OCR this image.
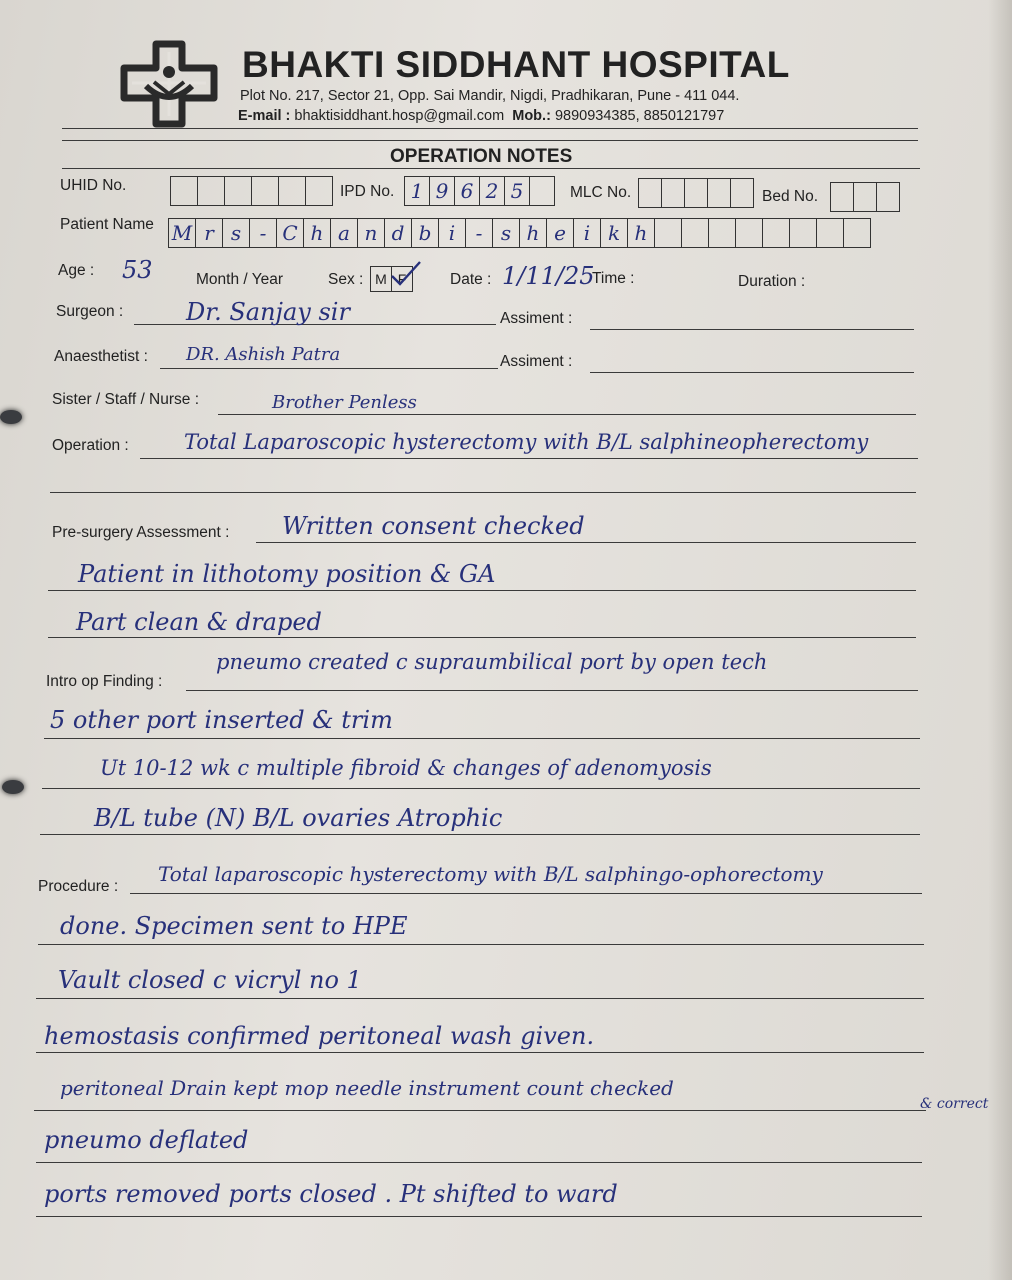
BHAKTI SIDDHANT HOSPITAL
Plot No. 217, Sector 21, Opp. Sai Mandir, Nigdi, Pradhikaran, Pune - 411 044.
E-mail : bhaktisiddhant.hosp@gmail.com Mob.: 9890934385, 8850121797
OPERATION NOTES
UHID No.	IPD No. 1 9 6 2 5	MLC No.	Bed No.
Patient Name M r s - C h a n d b i	- s h e i k h
Age : 53	Month / Year	Sex : M F	Date : 1/11/25
Time :	Duration :
Surgeon :	Dr. Sanjay sir	Assiment :
Anaesthetist : DR. Ashish Patra	Assiment :
Sister / Staff / Nurse :	Brother Penless
Operation :	Total Laparoscopic hysterectomy with B/L salphineopherectomy
Pre-surgery Assessment : Written consent checked
Patient in lithotomy position & GA
Part clean & draped
Intro op Finding :
pneumo created c supraumbilical port by open tech
5 other port inserted & trim
Ut 10-12 wk c multiple fibroid & changes of adenomyosis
B/L tube (N) B/L ovaries Atrophic
Procedure :
Total laparoscopic hysterectomy with B/L salphingo-ophorectomy
done. Specimen sent to HPE
Vault closed c vicryl no 1
hemostasis confirmed peritoneal wash given.
peritoneal Drain kept mop needle instrument count checked
& correct
pneumo deflated
ports removed ports closed . Pt shifted to ward
